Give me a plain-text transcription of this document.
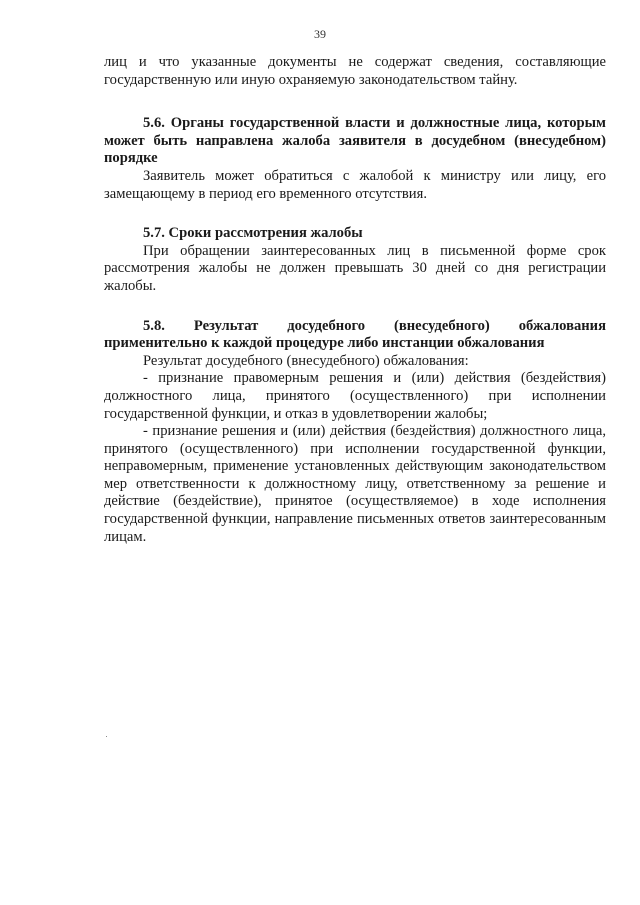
39

лиц и что указанные документы не содержат сведения, составляющие государственную или иную охраняемую законодательством тайну.

5.6. Органы государственной власти и должностные лица, которым может быть направлена жалоба заявителя в досудебном (внесудебном) порядке

Заявитель может обратиться с жалобой к министру или лицу, его замещающему в период его временного отсутствия.

5.7. Сроки рассмотрения жалобы

При обращении заинтересованных лиц в письменной форме срок рассмотрения жалобы не должен превышать 30 дней со дня регистрации жалобы.

5.8. Результат досудебного (внесудебного) обжалования применительно к каждой процедуре либо инстанции обжалования

Результат досудебного (внесудебного) обжалования:

- признание правомерным решения и (или) действия (бездействия) должностного лица, принятого (осуществленного) при исполнении государственной функции, и отказ в удовлетворении жалобы;

- признание решения и (или) действия (бездействия) должностного лица, принятого (осуществленного) при исполнении государственной функции, неправомерным, применение установленных действующим законодательством мер ответственности к должностному лицу, ответственному за решение и действие (бездействие), принятое (осуществляемое) в ходе исполнения государственной функции, направление письменных ответов заинтересованным лицам.
